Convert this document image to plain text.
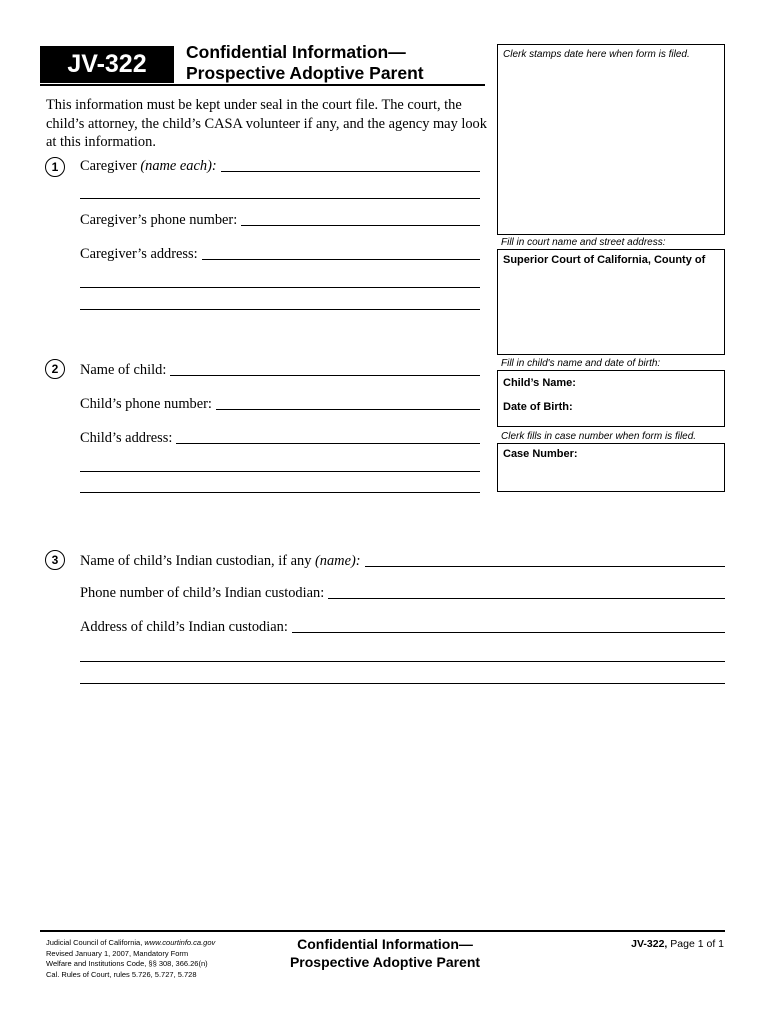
JV-322	Confidential Information—
Prospective Adoptive Parent
This information must be kept under seal in the court file. The court, the child’s attorney, the child’s CASA volunteer if any, and the agency may look at this information.
1	Caregiver (name each):
Caregiver’s phone number:
Caregiver’s address:
2	Name of child:
Child’s phone number:
Child’s address:
3	Name of child’s Indian custodian, if any (name):
Phone number of child’s Indian custodian:
Address of child’s Indian custodian:
Clerk stamps date here when form is filed.
Fill in court name and street address:
Superior Court of California, County of
Fill in child's name and date of birth:
Child’s Name:
Date of Birth:
Clerk fills in case number when form is filed.
Case Number:
Judicial Council of California, www.courtinfo.ca.gov
Revised January 1, 2007, Mandatory Form
Welfare and Institutions Code, §§ 308, 366.26(n)
Cal. Rules of Court, rules 5.726, 5.727, 5.728
Confidential Information—
Prospective Adoptive Parent
JV-322, Page 1 of 1
